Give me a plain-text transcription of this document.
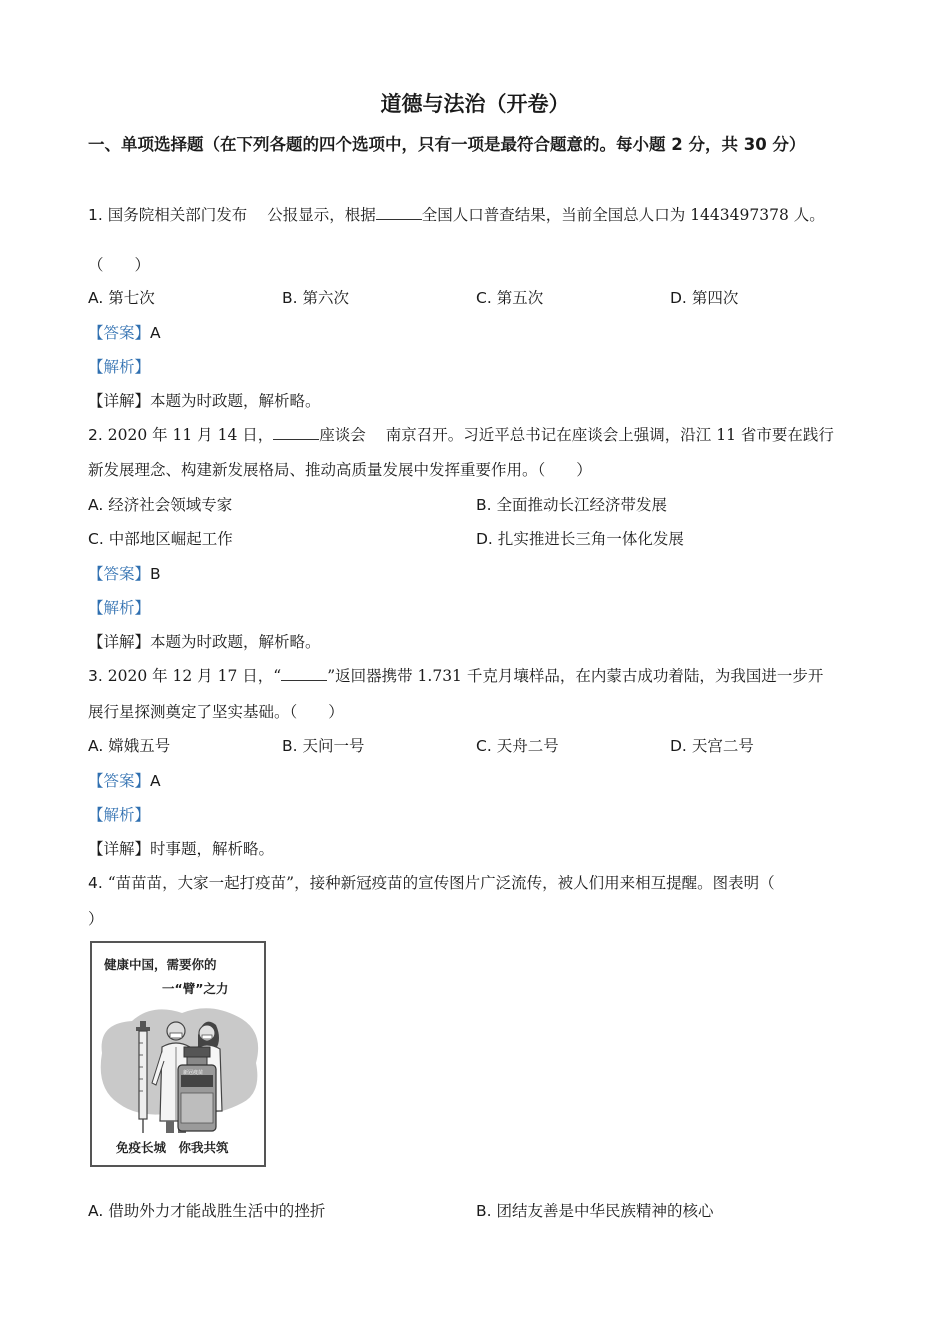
道德与法治（开卷）
一、单项选择题（在下列各题的四个选项中，只有一项是最符合题意的。每小题 2 分，共 30 分）
1. 国务院相关部门发布 公报显示，根据	全国人口普查结果，当前全国总人口为 1443497378 人。
（　　）
A. 第七次	B. 第六次	C. 第五次	D. 第四次
【答案】A
【解析】
【详解】本题为时政题，解析略。
2. 2020 年 11 月 14 日，	座谈会 南京召开。习近平总书记在座谈会上强调，沿江 11 省市要在践行
新发展理念、构建新发展格局、推动高质量发展中发挥重要作用。（　　）
A. 经济社会领域专家	B. 全面推动长江经济带发展
C. 中部地区崛起工作	D. 扎实推进长三角一体化发展
【答案】B
【解析】
【详解】本题为时政题，解析略。
3. 2020 年 12 月 17 日，“	”返回器携带 1.731 千克月壤样品，在内蒙古成功着陆，为我国进一步开
展行星探测奠定了坚实基础。（　　）
A. 嫦娥五号	B. 天问一号	C. 天舟二号	D. 天宫二号
【答案】A
【解析】
【详解】时事题，解析略。
4. “苗苗苗，大家一起打疫苗”，接种新冠疫苗的宣传图片广泛流传，被人们用来相互提醒。图表明（
）
健康中国，需要你的
一“臂”之力
新冠疫苗
免疫长城　你我共筑
A. 借助外力才能战胜生活中的挫折	B. 团结友善是中华民族精神的核心
